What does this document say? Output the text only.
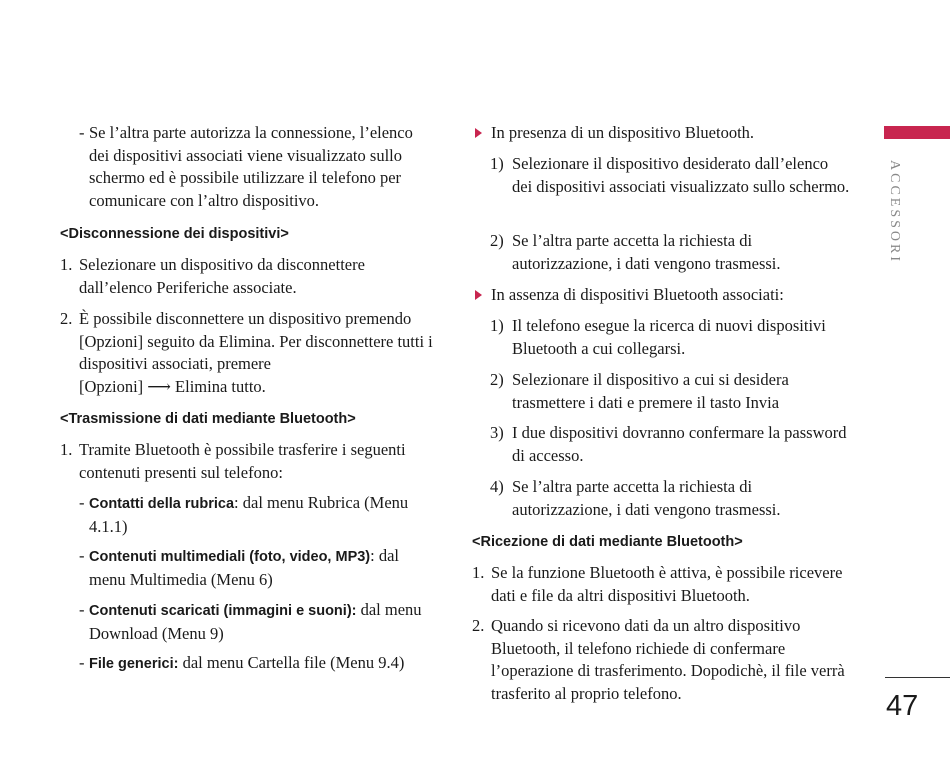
- Se l’altra parte autorizza la connessione, l’elenco dei dispositivi associati viene visualizzato sullo schermo ed è possibile utilizzare il telefono per comunicare con l’altro dispositivo.
<Disconnessione dei dispositivi>
1. Selezionare un dispositivo da disconnettere dall’elenco Periferiche associate.
2. È possibile disconnettere un dispositivo premendo [Opzioni] seguito da Elimina. Per disconnettere tutti i dispositivi associati, premere
[Opzioni] ⟶ Elimina tutto.
<Trasmissione di dati mediante Bluetooth>
1. Tramite Bluetooth è possibile trasferire i seguenti contenuti presenti sul telefono:
- Contatti della rubrica: dal menu Rubrica (Menu 4.1.1)
- Contenuti multimediali (foto, video, MP3): dal menu Multimedia (Menu 6)
- Contenuti scaricati (immagini e suoni): dal menu Download (Menu 9)
- File generici: dal menu Cartella file (Menu 9.4)
In presenza di un dispositivo Bluetooth.
1) Selezionare il dispositivo desiderato dall’elenco dei dispositivi associati visualizzato sullo schermo.
2) Se l’altra parte accetta la richiesta di autorizzazione, i dati vengono trasmessi.
In assenza di dispositivi Bluetooth associati:
1) Il telefono esegue la ricerca di nuovi dispositivi Bluetooth a cui collegarsi.
2) Selezionare il dispositivo a cui si desidera trasmettere i dati e premere il tasto Invia
3) I due dispositivi dovranno confermare la password di accesso.
4) Se l’altra parte accetta la richiesta di autorizzazione, i dati vengono trasmessi.
<Ricezione di dati mediante Bluetooth>
1. Se la funzione Bluetooth è attiva, è possibile ricevere dati e file da altri dispositivi Bluetooth.
2. Quando si ricevono dati da un altro dispositivo Bluetooth, il telefono richiede di confermare l’operazione di trasferimento. Dopodichè, il file verrà trasferito al proprio telefono.
ACCESSORI
47
